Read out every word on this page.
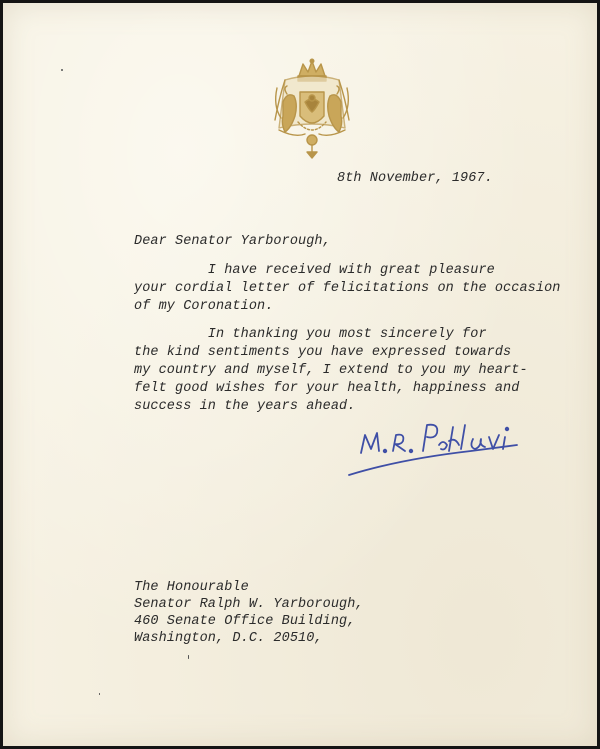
8th November, 1967.
Dear Senator Yarborough,

I have received with great pleasure

your cordial letter of felicitations on the occasion

of my Coronation.

In thanking you most sincerely for

the kind sentiments you have expressed towards

my country and myself, I extend to you my heart-

felt good wishes for your health, happiness and

success in the years ahead.

The Honourable

Senator Ralph W. Yarborough,

460 Senate Office Building,

Washington, D.C. 20510,
